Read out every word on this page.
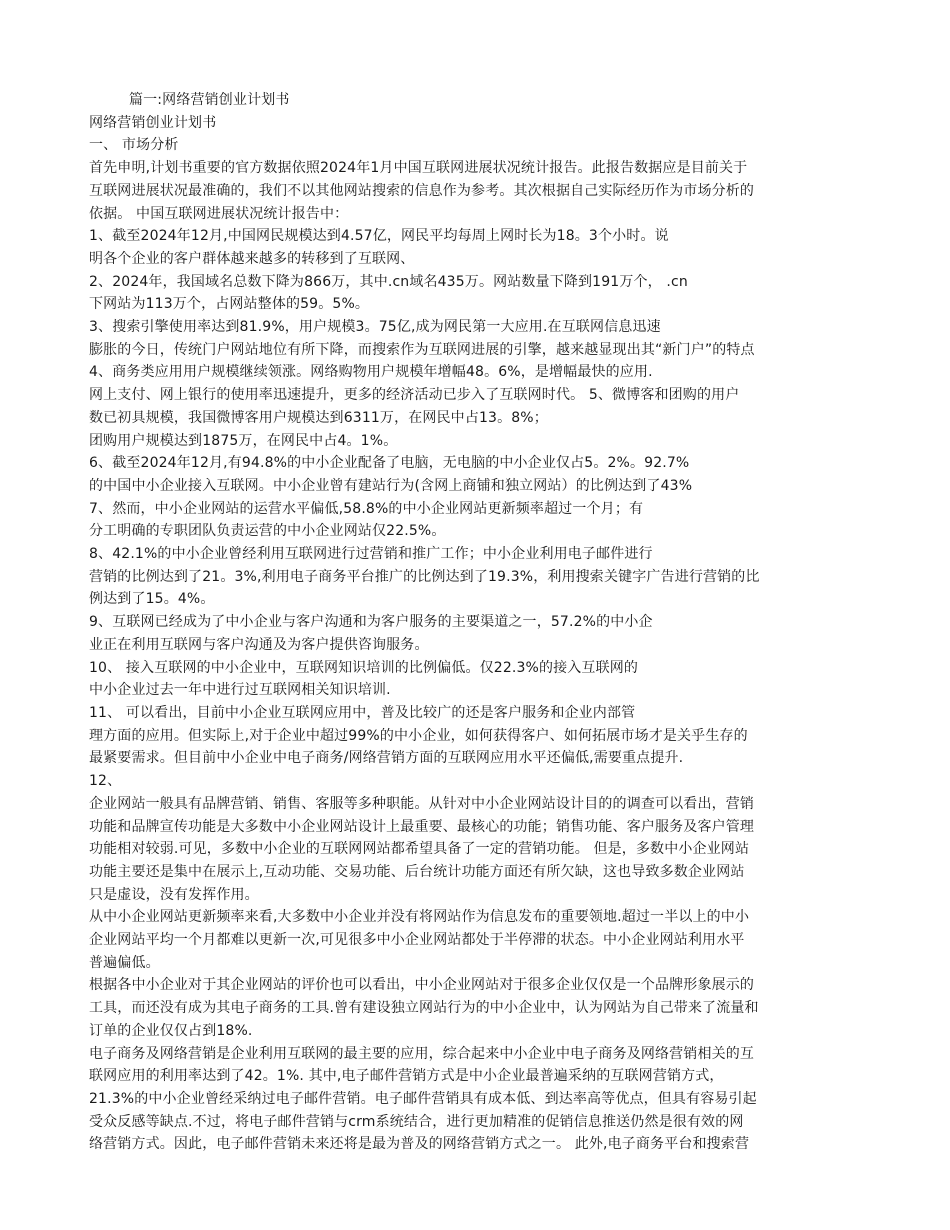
篇一:网络营销创业计划书

网络营销创业计划书

一、 市场分析

首先申明,计划书重要的官方数据依照2024年1月中国互联网进展状况统计报告。此报告数据应是目前关于

互联网进展状况最准确的，我们不以其他网站搜索的信息作为参考。其次根据自己实际经历作为市场分析的

依据。 中国互联网进展状况统计报告中：

1、截至2024年12月,中国网民规模达到4.57亿，网民平均每周上网时长为18。3个小时。说

明各个企业的客户群体越来越多的转移到了互联网、

2、2024年，我国域名总数下降为866万，其中.cn域名435万。网站数量下降到191万个， .cn

下网站为113万个，占网站整体的59。5%。

3、搜索引擎使用率达到81.9%，用户规模3。75亿,成为网民第一大应用.在互联网信息迅速

膨胀的今日，传统门户网站地位有所下降，而搜索作为互联网进展的引擎，越来越显现出其“新门户”的特点

4、商务类应用用户规模继续领涨。网络购物用户规模年增幅48。6%，是增幅最快的应用.

网上支付、网上银行的使用率迅速提升，更多的经济活动已步入了互联网时代。 5、微博客和团购的用户

数已初具规模，我国微博客用户规模达到6311万，在网民中占13。8%；

团购用户规模达到1875万，在网民中占4。1%。

6、截至2024年12月,有94.8%的中小企业配备了电脑，无电脑的中小企业仅占5。2%。92.7%

的中国中小企业接入互联网。中小企业曾有建站行为(含网上商铺和独立网站）的比例达到了43%

7、然而，中小企业网站的运营水平偏低,58.8%的中小企业网站更新频率超过一个月；有

分工明确的专职团队负责运营的中小企业网站仅22.5%。

8、42.1%的中小企业曾经利用互联网进行过营销和推广工作；中小企业利用电子邮件进行

营销的比例达到了21。3%,利用电子商务平台推广的比例达到了19.3%，利用搜索关键字广告进行营销的比

例达到了15。4%。

9、互联网已经成为了中小企业与客户沟通和为客户服务的主要渠道之一，57.2%的中小企

业正在利用互联网与客户沟通及为客户提供咨询服务。

10、 接入互联网的中小企业中，互联网知识培训的比例偏低。仅22.3%的接入互联网的

中小企业过去一年中进行过互联网相关知识培训.

11、 可以看出，目前中小企业互联网应用中，普及比较广的还是客户服务和企业内部管

理方面的应用。但实际上,对于企业中超过99%的中小企业，如何获得客户、如何拓展市场才是关乎生存的

最紧要需求。但目前中小企业中电子商务/网络营销方面的互联网应用水平还偏低,需要重点提升.

12、

企业网站一般具有品牌营销、销售、客服等多种职能。从针对中小企业网站设计目的的调查可以看出，营销

功能和品牌宣传功能是大多数中小企业网站设计上最重要、最核心的功能；销售功能、客户服务及客户管理

功能相对较弱.可见，多数中小企业的互联网网站都希望具备了一定的营销功能。 但是，多数中小企业网站

功能主要还是集中在展示上,互动功能、交易功能、后台统计功能方面还有所欠缺，这也导致多数企业网站

只是虚设，没有发挥作用。

从中小企业网站更新频率来看,大多数中小企业并没有将网站作为信息发布的重要领地.超过一半以上的中小

企业网站平均一个月都难以更新一次,可见很多中小企业网站都处于半停滞的状态。中小企业网站利用水平

普遍偏低。

根据各中小企业对于其企业网站的评价也可以看出，中小企业网站对于很多企业仅仅是一个品牌形象展示的

工具，而还没有成为其电子商务的工具.曾有建设独立网站行为的中小企业中，认为网站为自己带来了流量和

订单的企业仅仅占到18%.

电子商务及网络营销是企业利用互联网的最主要的应用，综合起来中小企业中电子商务及网络营销相关的互

联网应用的利用率达到了42。1%. 其中,电子邮件营销方式是中小企业最普遍采纳的互联网营销方式，

21.3%的中小企业曾经采纳过电子邮件营销。电子邮件营销具有成本低、到达率高等优点，但具有容易引起

受众反感等缺点.不过，将电子邮件营销与crm系统结合，进行更加精准的促销信息推送仍然是很有效的网

络营销方式。因此，电子邮件营销未来还将是最为普及的网络营销方式之一。 此外,电子商务平台和搜索营
